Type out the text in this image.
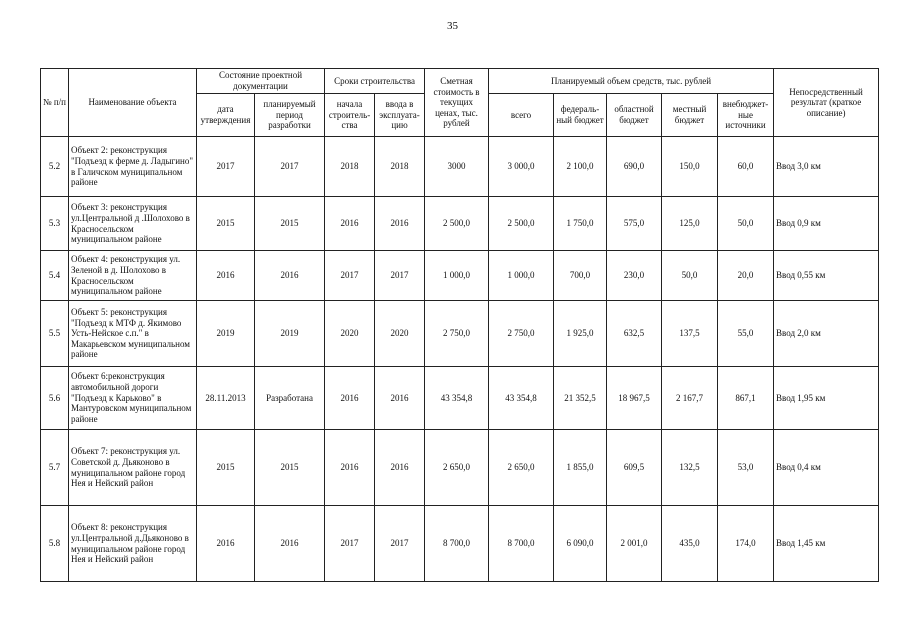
35
№ п/п	Наименование объекта	Состояние проектной документации		Сроки строительства		Сметная стоимость в текущих ценах, тыс. рублей	Планируемый объем средств, тыс. рублей					Непосредственный результат (краткое описание)
		дата утверждения	планируемый период разработки	начала строитель-ства	ввода в эксплуата-цию		всего	федераль-ный бюджет	областной бюджет	местный бюджет	внебюджет-ные источники	
5.2	Объект 2: реконструкция "Подъезд к ферме д. Ладыгино" в Галичском муниципальном районе	2017	2017	2018	2018	3000	3 000,0	2 100,0	690,0	150,0	60,0	Ввод 3,0 км
5.3	Объект 3: реконструкция ул.Центральной д .Шолохово в Красносельском муниципальном районе	2015	2015	2016	2016	2 500,0	2 500,0	1 750,0	575,0	125,0	50,0	Ввод 0,9 км
5.4	Объект 4: реконструкция ул. Зеленой в д. Шолохово в Красносельском муниципальном районе	2016	2016	2017	2017	1 000,0	1 000,0	700,0	230,0	50,0	20,0	Ввод 0,55 км
5.5	Объект 5: реконструкция "Подъезд к МТФ д. Якимово Усть-Нейское с.п." в Макарьевском муниципальном районе	2019	2019	2020	2020	2 750,0	2 750,0	1 925,0	632,5	137,5	55,0	Ввод 2,0 км
5.6	Объект 6:реконструкция автомобильной дороги "Подъезд к Карьково" в Мантуровском муниципальном районе	28.11.2013	Разработана	2016	2016	43 354,8	43 354,8	21 352,5	18 967,5	2 167,7	867,1	Ввод 1,95 км
5.7	Объект 7: реконструкция ул. Советской д. Дьяконово в муниципальном районе город Нея и Нейский район	2015	2015	2016	2016	2 650,0	2 650,0	1 855,0	609,5	132,5	53,0	Ввод 0,4 км
5.8	Объект 8: реконструкция ул.Центральной д.Дьяконово в муниципальном районе город Нея и Нейский район	2016	2016	2017	2017	8 700,0	8 700,0	6 090,0	2 001,0	435,0	174,0	Ввод 1,45 км
